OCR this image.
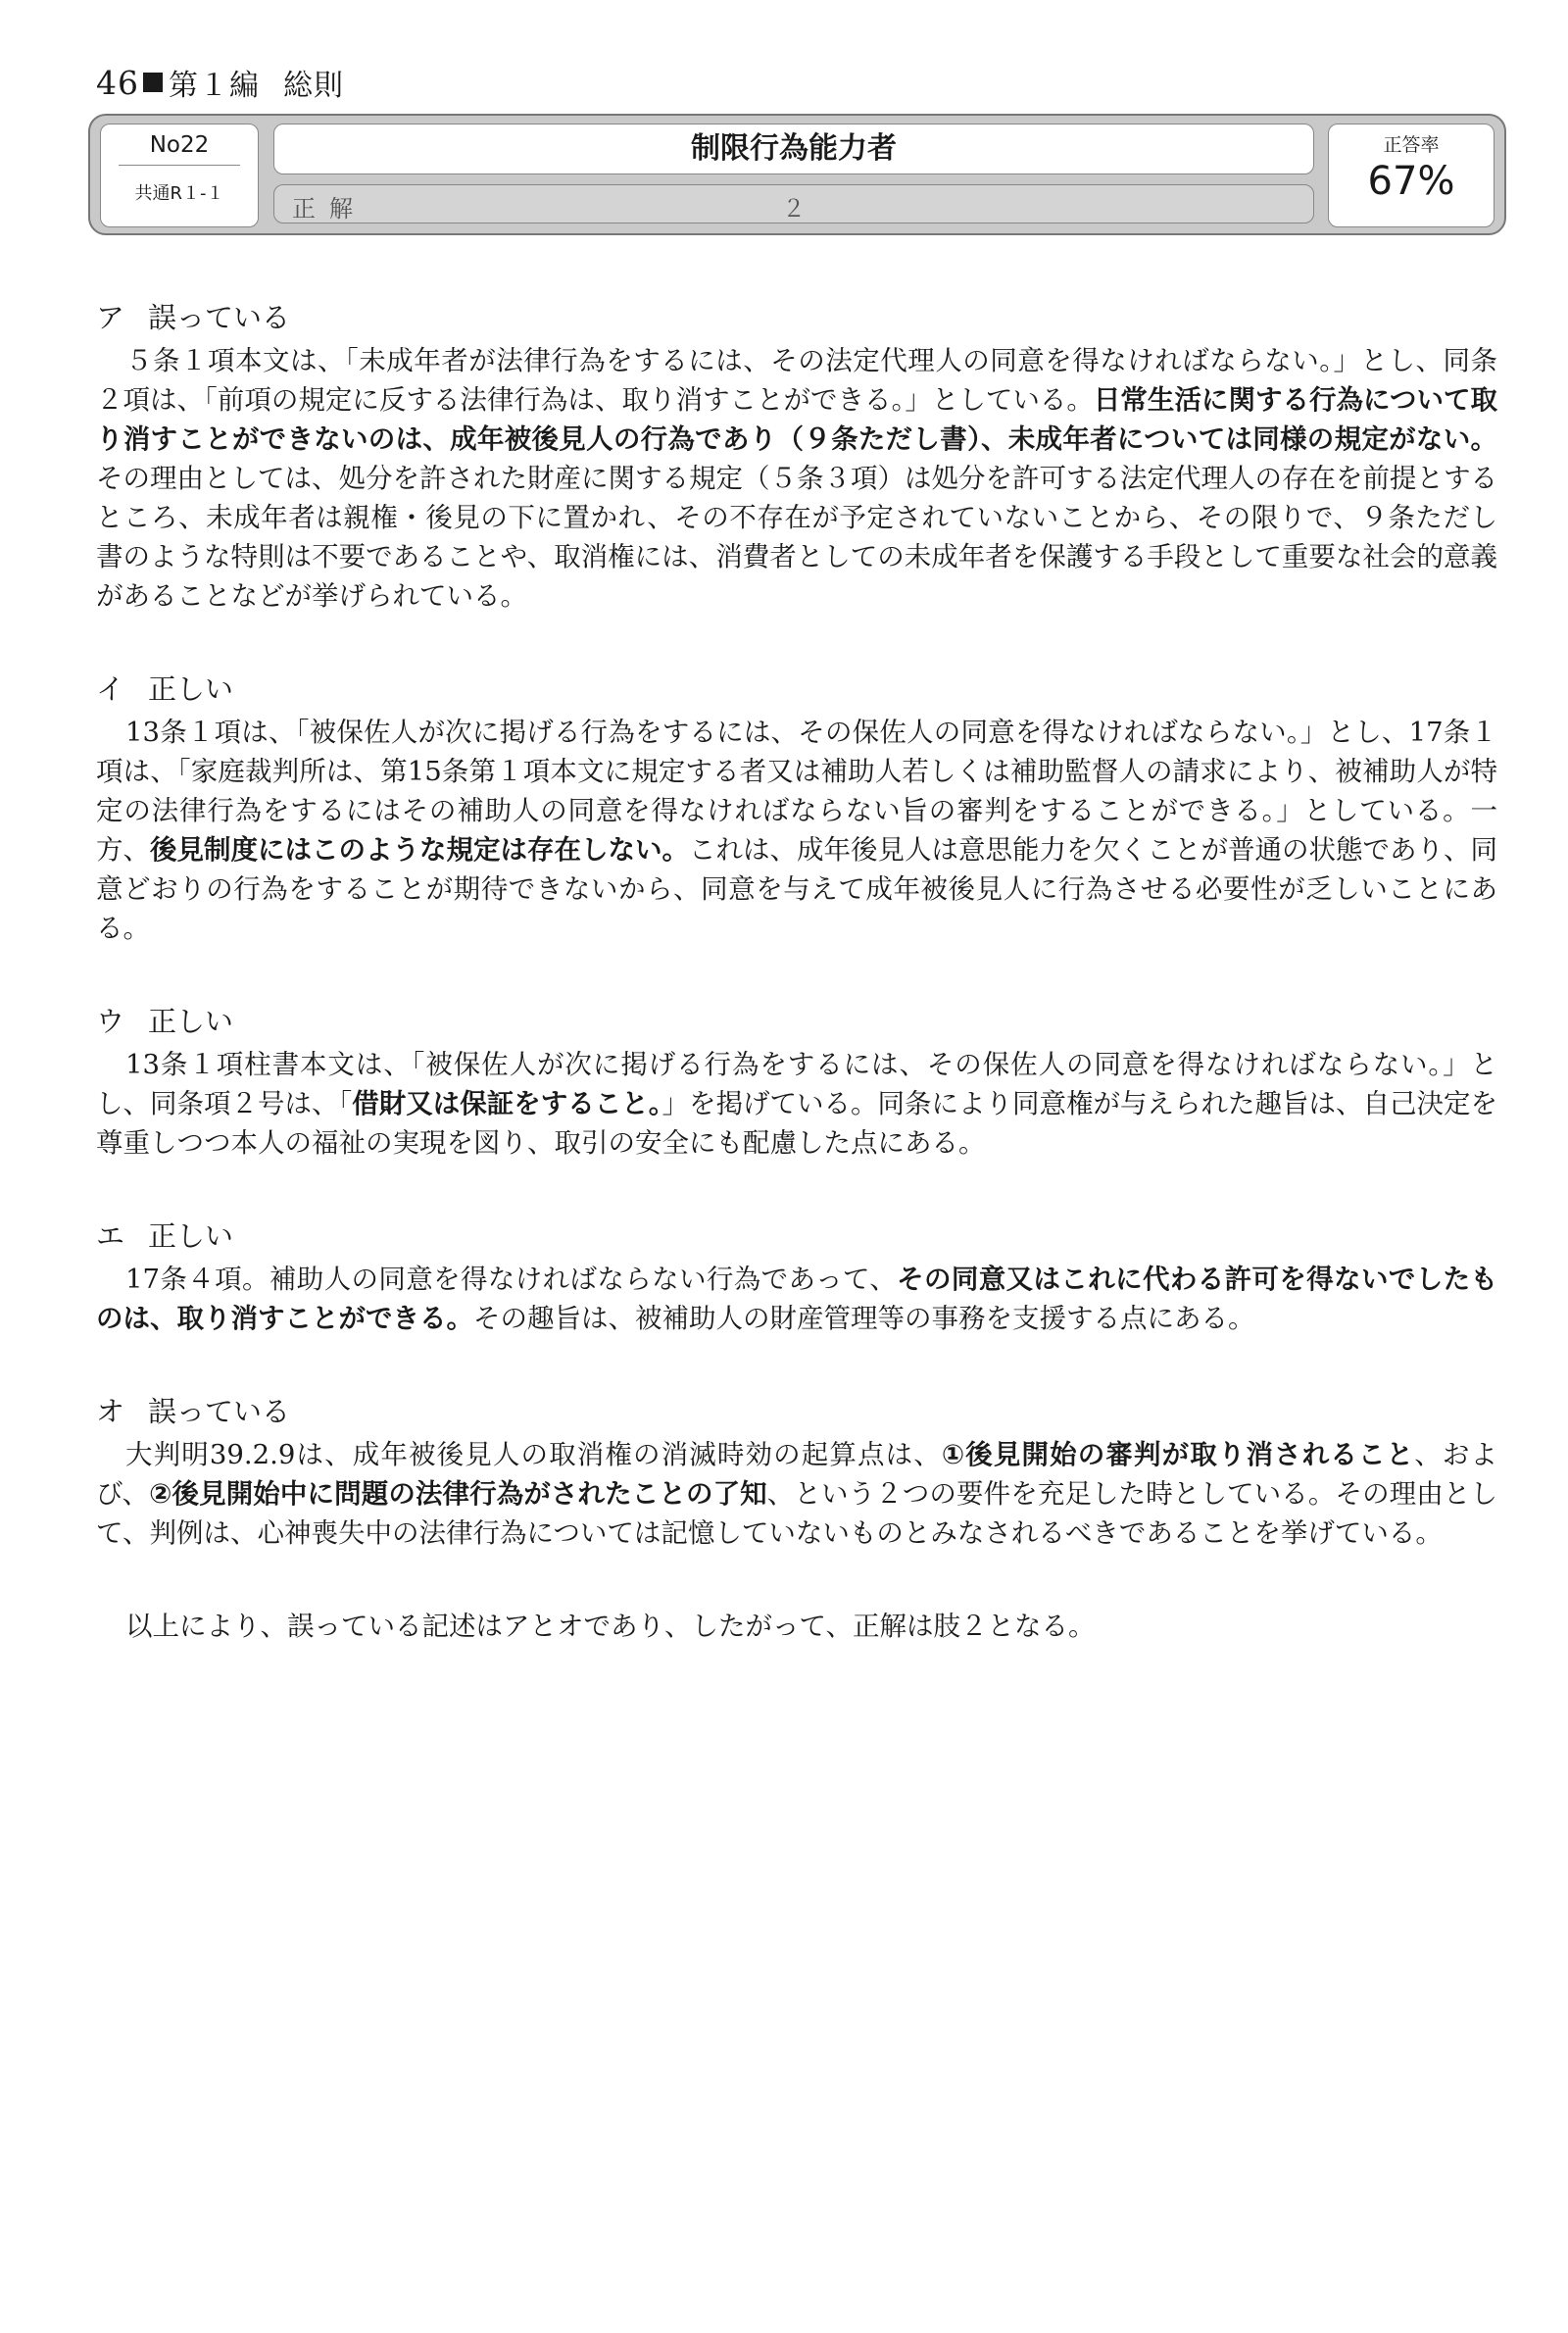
46 第１編 総則
No22
共通R１-１
制限行為能力者
正解	２
正答率
67%
ア 誤っている

５条１項本文は、「未成年者が法律行為をするには、その法定代理人の同意を得なければならない。」とし、同条２項は、「前項の規定に反する法律行為は、取り消すことができる。」としている。日常生活に関する行為について取り消すことができないのは、成年被後見人の行為であり（９条ただし書）、未成年者については同様の規定がない。その理由としては、処分を許された財産に関する規定（５条３項）は処分を許可する法定代理人の存在を前提とするところ、未成年者は親権・後見の下に置かれ、その不存在が予定されていないことから、その限りで、９条ただし書のような特則は不要であることや、取消権には、消費者としての未成年者を保護する手段として重要な社会的意義があることなどが挙げられている。

イ 正しい

13条１項は、「被保佐人が次に掲げる行為をするには、その保佐人の同意を得なければならない。」とし、17条１項は、「家庭裁判所は、第15条第１項本文に規定する者又は補助人若しくは補助監督人の請求により、被補助人が特定の法律行為をするにはその補助人の同意を得なければならない旨の審判をすることができる。」としている。一方、後見制度にはこのような規定は存在しない。これは、成年後見人は意思能力を欠くことが普通の状態であり、同意どおりの行為をすることが期待できないから、同意を与えて成年被後見人に行為させる必要性が乏しいことにある。

ウ 正しい

13条１項柱書本文は、「被保佐人が次に掲げる行為をするには、その保佐人の同意を得なければならない。」とし、同条項２号は、「借財又は保証をすること。」を掲げている。同条により同意権が与えられた趣旨は、自己決定を尊重しつつ本人の福祉の実現を図り、取引の安全にも配慮した点にある。

エ 正しい

17条４項。補助人の同意を得なければならない行為であって、その同意又はこれに代わる許可を得ないでしたものは、取り消すことができる。その趣旨は、被補助人の財産管理等の事務を支援する点にある。

オ 誤っている

大判明39.2.9は、成年被後見人の取消権の消滅時効の起算点は、①後見開始の審判が取り消されること、および、②後見開始中に問題の法律行為がされたことの了知、という２つの要件を充足した時としている。その理由として、判例は、心神喪失中の法律行為については記憶していないものとみなされるべきであることを挙げている。

以上により、誤っている記述はアとオであり、したがって、正解は肢２となる。
